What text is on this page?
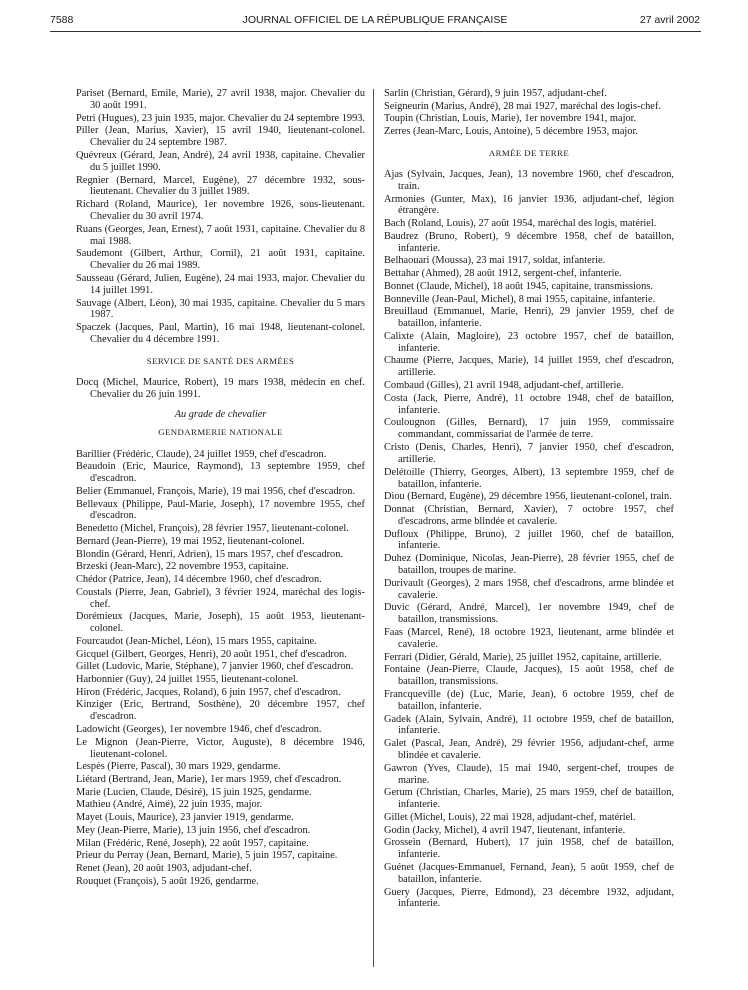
7588	JOURNAL OFFICIEL DE LA RÉPUBLIQUE FRANÇAISE	27 avril 2002

Pariset (Bernard, Emile, Marie), 27 avril 1938, major. Chevalier du 30 août 1991.

Petri (Hugues), 23 juin 1935, major. Chevalier du 24 septembre 1993.

Piller (Jean, Marius, Xavier), 15 avril 1940, lieutenant-colonel. Chevalier du 24 septembre 1987.

Quévreux (Gérard, Jean, André), 24 avril 1938, capitaine. Chevalier du 5 juillet 1990.

Regnier (Bernard, Marcel, Eugène), 27 décembre 1932, sous-lieutenant. Chevalier du 3 juillet 1989.

Richard (Roland, Maurice), 1er novembre 1926, sous-lieutenant. Chevalier du 30 avril 1974.

Ruans (Georges, Jean, Ernest), 7 août 1931, capitaine. Chevalier du 8 mai 1988.

Saudemont (Gilbert, Arthur, Cornil), 21 août 1931, capitaine. Chevalier du 26 mai 1989.

Sausseau (Gérard, Julien, Eugène), 24 mai 1933, major. Chevalier du 14 juillet 1991.

Sauvage (Albert, Léon), 30 mai 1935, capitaine. Chevalier du 5 mars 1987.

Spaczek (Jacques, Paul, Martin), 16 mai 1948, lieutenant-colonel. Chevalier du 4 décembre 1991.

SERVICE DE SANTÉ DES ARMÉES

Docq (Michel, Maurice, Robert), 19 mars 1938, médecin en chef. Chevalier du 26 juin 1991.

Au grade de chevalier
GENDARMERIE NATIONALE

Barillier (Frédéric, Claude), 24 juillet 1959, chef d'escadron.

Beaudoin (Eric, Maurice, Raymond), 13 septembre 1959, chef d'escadron.

Belier (Emmanuel, François, Marie), 19 mai 1956, chef d'escadron.

Bellevaux (Philippe, Paul-Marie, Joseph), 17 novembre 1955, chef d'escadron.

Benedetto (Michel, François), 28 février 1957, lieutenant-colonel.

Bernard (Jean-Pierre), 19 mai 1952, lieutenant-colonel.

Blondin (Gérard, Henri, Adrien), 15 mars 1957, chef d'escadron.

Brzeski (Jean-Marc), 22 novembre 1953, capitaine.

Chédor (Patrice, Jean), 14 décembre 1960, chef d'escadron.

Coustals (Pierre, Jean, Gabriel), 3 février 1924, maréchal des logis-chef.

Dorémieux (Jacques, Marie, Joseph), 15 août 1953, lieutenant-colonel.

Fourcaudot (Jean-Michel, Léon), 15 mars 1955, capitaine.

Gicquel (Gilbert, Georges, Henri), 20 août 1951, chef d'escadron.

Gillet (Ludovic, Marie, Stéphane), 7 janvier 1960, chef d'escadron.

Harbonnier (Guy), 24 juillet 1955, lieutenant-colonel.

Hiron (Frédéric, Jacques, Roland), 6 juin 1957, chef d'escadron.

Kinziger (Eric, Bertrand, Sosthène), 20 décembre 1957, chef d'escadron.

Ladowicht (Georges), 1er novembre 1946, chef d'escadron.

Le Mignon (Jean-Pierre, Victor, Auguste), 8 décembre 1946, lieutenant-colonel.

Lespès (Pierre, Pascal), 30 mars 1929, gendarme.

Liétard (Bertrand, Jean, Marie), 1er mars 1959, chef d'escadron.

Marie (Lucien, Claude, Désiré), 15 juin 1925, gendarme.

Mathieu (André, Aimé), 22 juin 1935, major.

Mayet (Louis, Maurice), 23 janvier 1919, gendarme.

Mey (Jean-Pierre, Marie), 13 juin 1956, chef d'escadron.

Milan (Frédéric, René, Joseph), 22 août 1957, capitaine.

Prieur du Perray (Jean, Bernard, Marie), 5 juin 1957, capitaine.

Renet (Jean), 20 août 1903, adjudant-chef.

Rouquet (François), 5 août 1926, gendarme.

Sarlin (Christian, Gérard), 9 juin 1957, adjudant-chef.

Seigneurin (Marius, André), 28 mai 1927, maréchal des logis-chef.

Toupin (Christian, Louis, Marie), 1er novembre 1941, major.

Zerres (Jean-Marc, Louis, Antoine), 5 décembre 1953, major.

ARMÉE DE TERRE

Ajas (Sylvain, Jacques, Jean), 13 novembre 1960, chef d'escadron, train.

Armonies (Gunter, Max), 16 janvier 1936, adjudant-chef, légion étrangère.

Bach (Roland, Louis), 27 août 1954, maréchal des logis, matériel.

Baudrez (Bruno, Robert), 9 décembre 1958, chef de bataillon, infanterie.

Belhaouari (Moussa), 23 mai 1917, soldat, infanterie.

Bettahar (Ahmed), 28 août 1912, sergent-chef, infanterie.

Bonnet (Claude, Michel), 18 août 1945, capitaine, transmissions.

Bonneville (Jean-Paul, Michel), 8 mai 1955, capitaine, infanterie.

Breuillaud (Emmanuel, Marie, Henri), 29 janvier 1959, chef de bataillon, infanterie.

Calixte (Alain, Magloire), 23 octobre 1957, chef de bataillon, infanterie.

Chaume (Pierre, Jacques, Marie), 14 juillet 1959, chef d'escadron, artillerie.

Combaud (Gilles), 21 avril 1948, adjudant-chef, artillerie.

Costa (Jack, Pierre, André), 11 octobre 1948, chef de bataillon, infanterie.

Coulougnon (Gilles, Bernard), 17 juin 1959, commissaire commandant, commissariat de l'armée de terre.

Cristo (Denis, Charles, Henri), 7 janvier 1950, chef d'escadron, artillerie.

Delétoille (Thierry, Georges, Albert), 13 septembre 1959, chef de bataillon, infanterie.

Diou (Bernard, Eugène), 29 décembre 1956, lieutenant-colonel, train.

Donnat (Christian, Bernard, Xavier), 7 octobre 1957, chef d'escadrons, arme blindée et cavalerie.

Dufloux (Philippe, Bruno), 2 juillet 1960, chef de bataillon, infanterie.

Duhez (Dominique, Nicolas, Jean-Pierre), 28 février 1955, chef de bataillon, troupes de marine.

Durivault (Georges), 2 mars 1958, chef d'escadrons, arme blindée et cavalerie.

Duvic (Gérard, André, Marcel), 1er novembre 1949, chef de bataillon, transmissions.

Faas (Marcel, René), 18 octobre 1923, lieutenant, arme blindée et cavalerie.

Ferrari (Didier, Gérald, Marie), 25 juillet 1952, capitaine, artillerie.

Fontaine (Jean-Pierre, Claude, Jacques), 15 août 1958, chef de bataillon, transmissions.

Francqueville (de) (Luc, Marie, Jean), 6 octobre 1959, chef de bataillon, infanterie.

Gadek (Alain, Sylvain, André), 11 octobre 1959, chef de bataillon, infanterie.

Galet (Pascal, Jean, André), 29 février 1956, adjudant-chef, arme blindée et cavalerie.

Gawron (Yves, Claude), 15 mai 1940, sergent-chef, troupes de marine.

Gerum (Christian, Charles, Marie), 25 mars 1959, chef de bataillon, infanterie.

Gillet (Michel, Louis), 22 mai 1928, adjudant-chef, matériel.

Godin (Jacky, Michel), 4 avril 1947, lieutenant, infanterie.

Grossein (Bernard, Hubert), 17 juin 1958, chef de bataillon, infanterie.

Guénet (Jacques-Emmanuel, Fernand, Jean), 5 août 1959, chef de bataillon, infanterie.

Guery (Jacques, Pierre, Edmond), 23 décembre 1932, adjudant, infanterie.
